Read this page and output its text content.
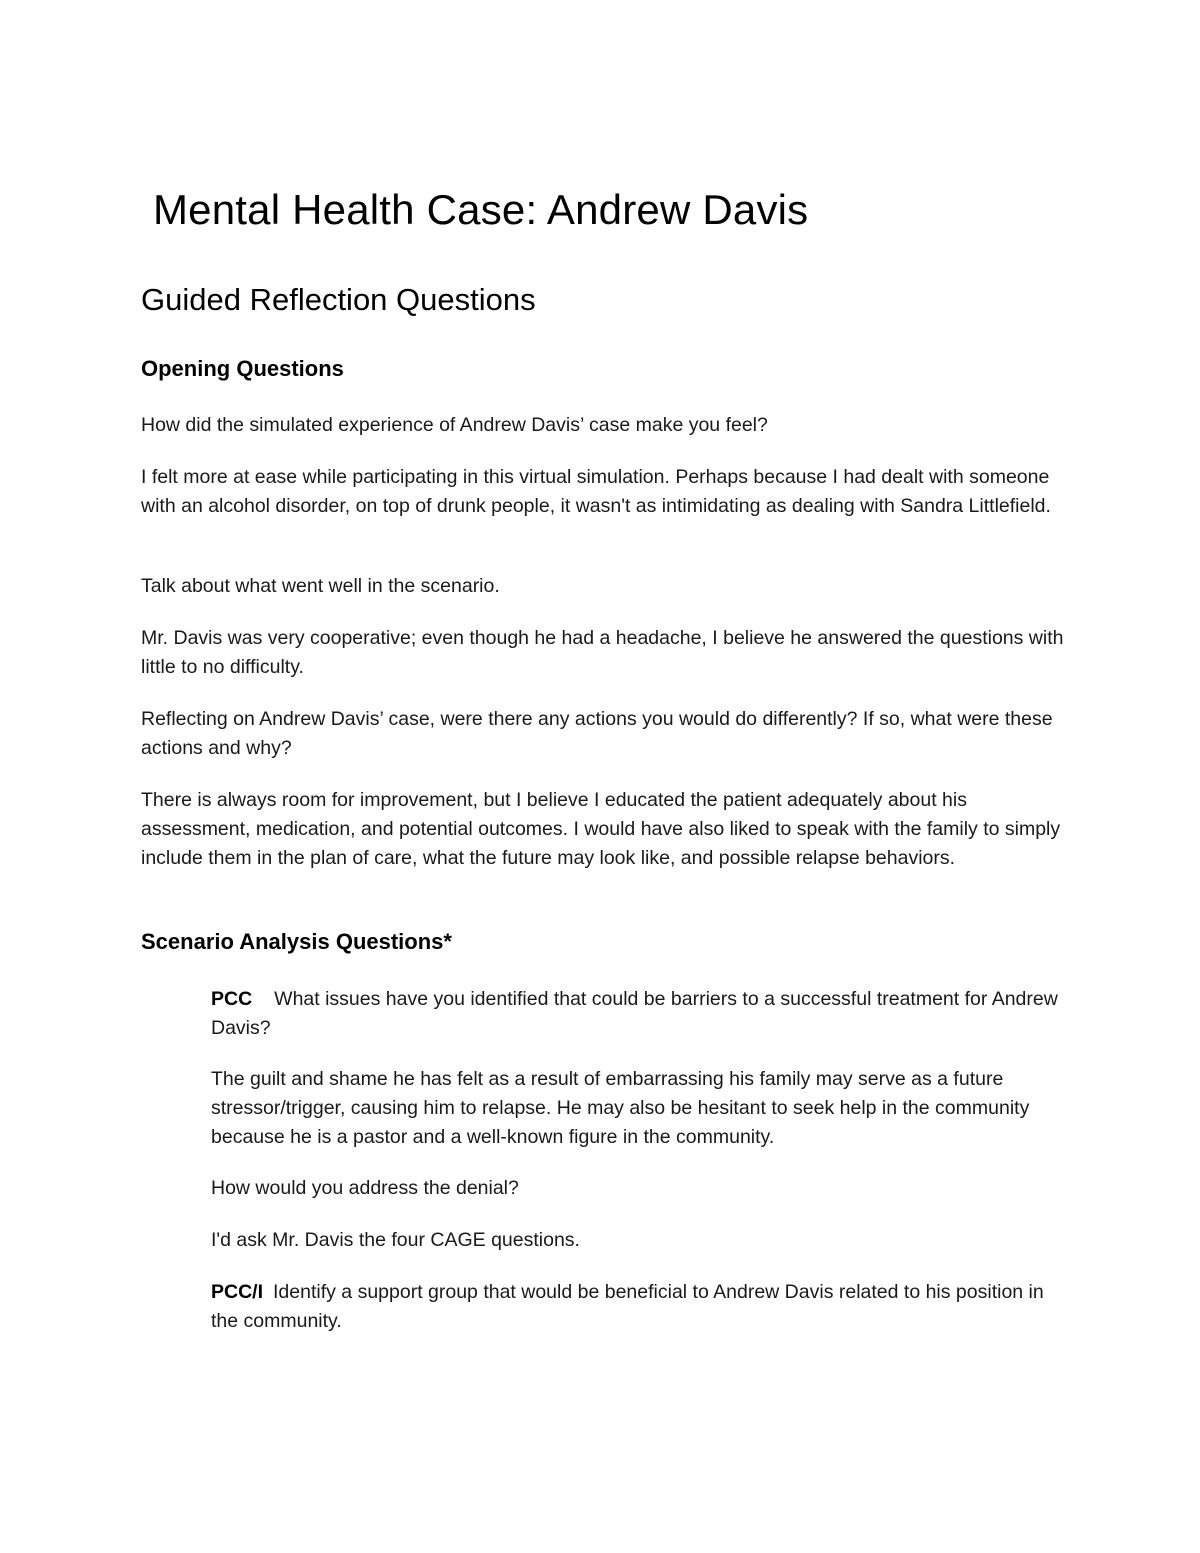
Mental Health Case: Andrew Davis
Guided Reflection Questions
Opening Questions

How did the simulated experience of Andrew Davis’ case make you feel?

I felt more at ease while participating in this virtual simulation. Perhaps because I had dealt with someone with an alcohol disorder, on top of drunk people, it wasn't as intimidating as dealing with Sandra Littlefield.

Talk about what went well in the scenario.

Mr. Davis was very cooperative; even though he had a headache, I believe he answered the questions with little to no difficulty.

Reflecting on Andrew Davis’ case, were there any actions you would do differently? If so, what were these actions and why?

There is always room for improvement, but I believe I educated the patient adequately about his assessment, medication, and potential outcomes. I would have also liked to speak with the family to simply include them in the plan of care, what the future may look like, and possible relapse behaviors.

Scenario Analysis Questions*

PCC What issues have you identified that could be barriers to a successful treatment for Andrew Davis?

The guilt and shame he has felt as a result of embarrassing his family may serve as a future stressor/trigger, causing him to relapse. He may also be hesitant to seek help in the community because he is a pastor and a well-known figure in the community.

How would you address the denial?

I'd ask Mr. Davis the four CAGE questions.

PCC/I Identify a support group that would be beneficial to Andrew Davis related to his position in the community.
